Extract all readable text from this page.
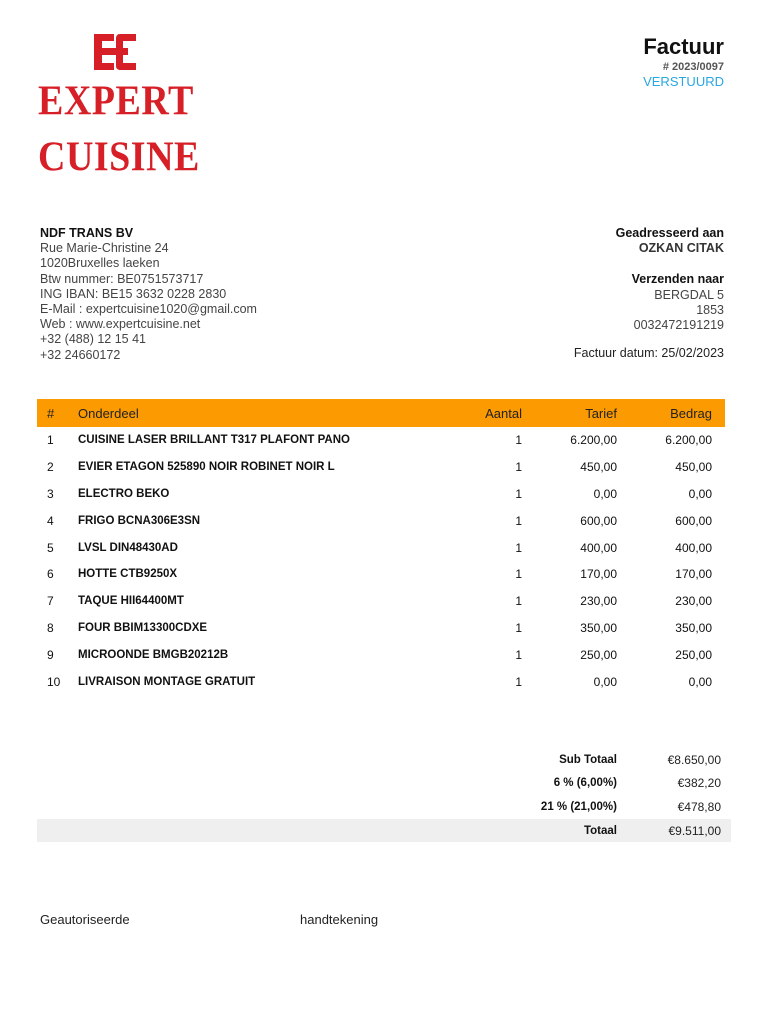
EXPERT
CUISINE
Factuur
# 2023/0097
VERSTUURD
NDF TRANS BV
Rue Marie-Christine 24
1020Bruxelles laeken
Btw nummer: BE0751573717
ING IBAN: BE15 3632 0228 2830
E-Mail : expertcuisine1020@gmail.com
Web : www.expertcuisine.net
+32 (488) 12 15 41
+32 24660172
Geadresseerd aan
OZKAN CITAK
Verzenden naar
BERGDAL 5
1853
0032472191219
Factuur datum: 25/02/2023
#	Onderdeel	Aantal	Tarief	Bedrag
1	CUISINE LASER BRILLANT T317 PLAFONT PANO	1	6.200,00	6.200,00
2	EVIER ETAGON 525890 NOIR ROBINET NOIR L	1	450,00	450,00
3	ELECTRO BEKO	1	0,00	0,00
4	FRIGO BCNA306E3SN	1	600,00	600,00
5	LVSL DIN48430AD	1	400,00	400,00
6	HOTTE CTB9250X	1	170,00	170,00
7	TAQUE HII64400MT	1	230,00	230,00
8	FOUR BBIM13300CDXE	1	350,00	350,00
9	MICROONDE BMGB20212B	1	250,00	250,00
10	LIVRAISON MONTAGE GRATUIT	1	0,00	0,00
Sub Totaal	€8.650,00
6 % (6,00%)	€382,20
21 % (21,00%)	€478,80
Totaal	€9.511,00
Geautoriseerde	handtekening
